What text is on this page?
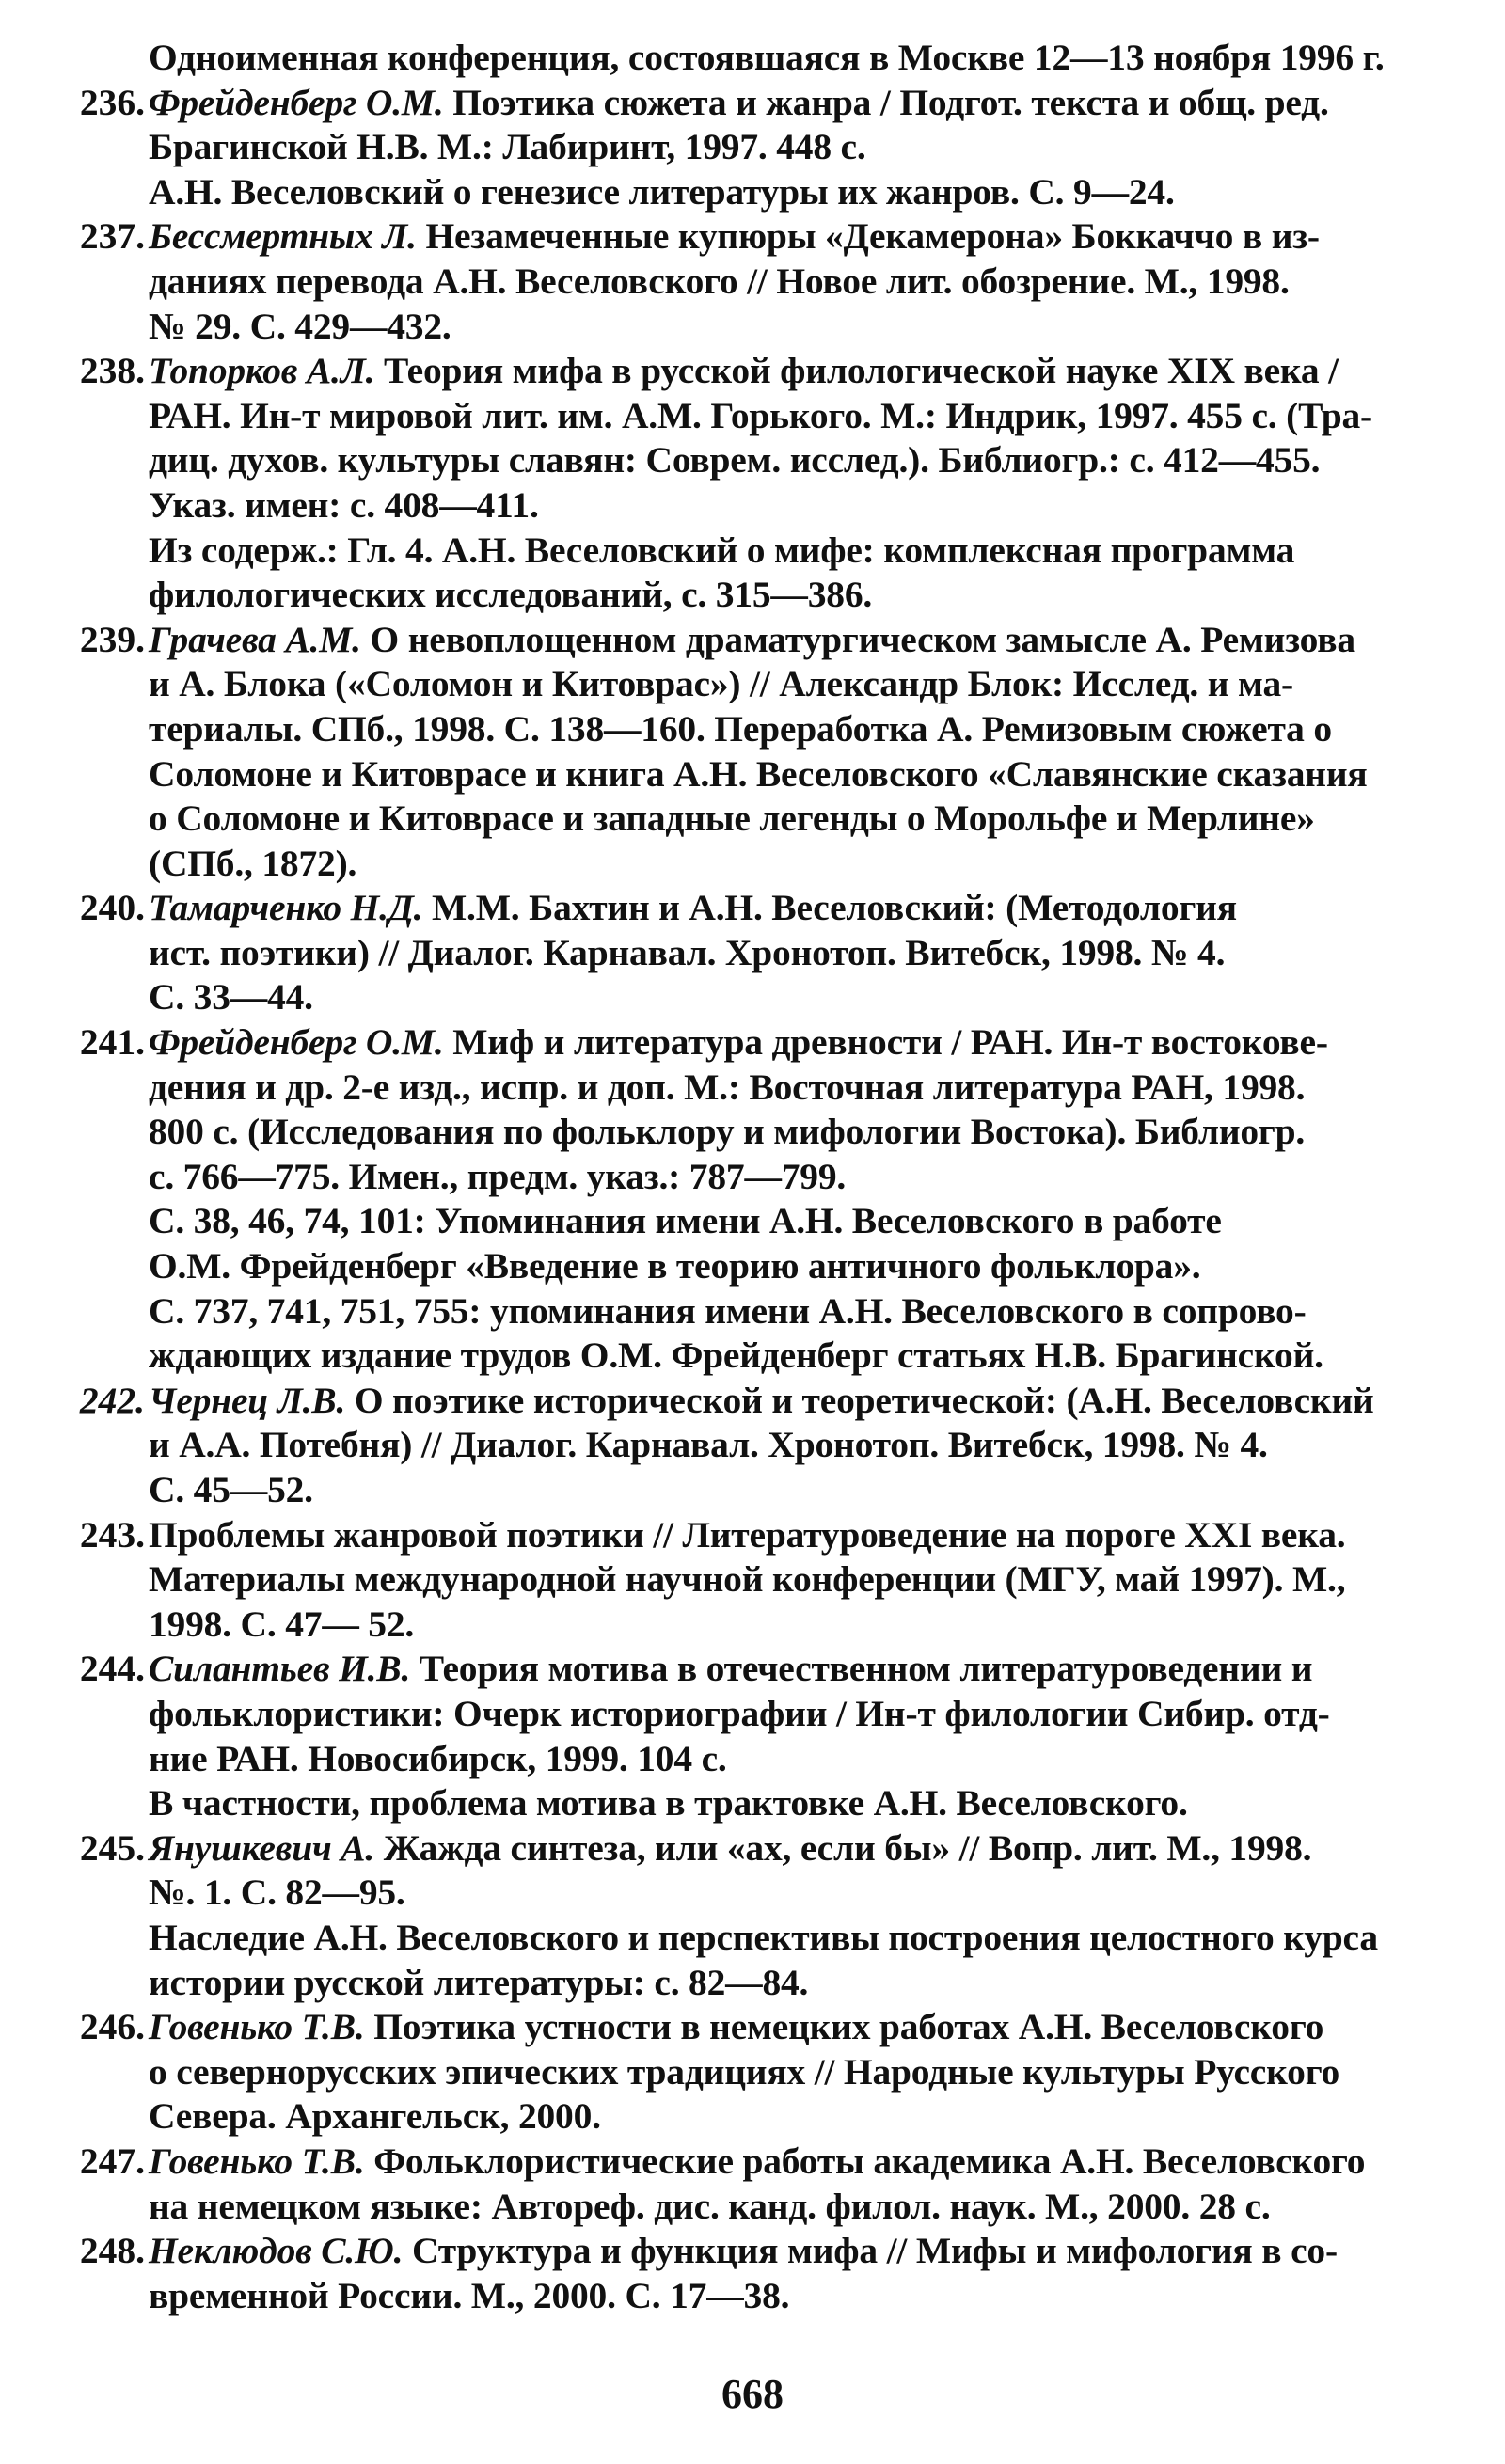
Одноименная конференция, состоявшаяся в Москве 12—13 ноября 1996 г.
236. Фрейденберг О.М. Поэтика сюжета и жанра / Подгот. текста и общ. ред.
Брагинской Н.В. М.: Лабиринт, 1997. 448 с.
А.Н. Веселовский о генезисе литературы их жанров. С. 9—24.
237. Бессмертных Л. Незамеченные купюры «Декамерона» Боккаччо в из-
даниях перевода А.Н. Веселовского // Новое лит. обозрение. М., 1998.
№ 29. С. 429—432.
238. Топорков А.Л. Теория мифа в русской филологической науке XIX века /
РАН. Ин-т мировой лит. им. А.М. Горького. М.: Индрик, 1997. 455 с. (Тра-
диц. духов. культуры славян: Соврем. исслед.). Библиогр.: с. 412—455.
Указ. имен: с. 408—411.
Из содерж.: Гл. 4. А.Н. Веселовский о мифе: комплексная программа
филологических исследований, с. 315—386.
239. Грачева А.М. О невоплощенном драматургическом замысле А. Ремизова
и А. Блока («Соломон и Китоврас») // Александр Блок: Исслед. и ма-
териалы. СПб., 1998. С. 138—160. Переработка А. Ремизовым сюжета о
Соломоне и Китоврасе и книга А.Н. Веселовского «Славянские сказания
о Соломоне и Китоврасе и западные легенды о Морольфе и Мерлине»
(СПб., 1872).
240. Тамарченко Н.Д. М.М. Бахтин и А.Н. Веселовский: (Методология
ист. поэтики) // Диалог. Карнавал. Хронотоп. Витебск, 1998. № 4.
С. 33—44.
241. Фрейденберг О.М. Миф и литература древности / РАН. Ин-т востокове-
дения и др. 2-е изд., испр. и доп. М.: Восточная литература РАН, 1998.
800 с. (Исследования по фольклору и мифологии Востока). Библиогр.
с. 766—775. Имен., предм. указ.: 787—799.
С. 38, 46, 74, 101: Упоминания имени А.Н. Веселовского в работе
О.М. Фрейденберг «Введение в теорию античного фольклора».
С. 737, 741, 751, 755: упоминания имени А.Н. Веселовского в сопрово-
ждающих издание трудов О.М. Фрейденберг статьях Н.В. Брагинской.
242. Чернец Л.В. О поэтике исторической и теоретической: (А.Н. Веселовский
и А.А. Потебня) // Диалог. Карнавал. Хронотоп. Витебск, 1998. № 4.
С. 45—52.
243. Проблемы жанровой поэтики // Литературоведение на пороге XXI века.
Материалы международной научной конференции (МГУ, май 1997). М.,
1998. С. 47— 52.
244. Силантьев И.В. Теория мотива в отечественном литературоведении и
фольклористики: Очерк историографии / Ин-т филологии Сибир. отд-
ние РАН. Новосибирск, 1999. 104 с.
В частности, проблема мотива в трактовке А.Н. Веселовского.
245. Янушкевич А. Жажда синтеза, или «ах, если бы» // Вопр. лит. М., 1998.
№. 1. С. 82—95.
Наследие А.Н. Веселовского и перспективы построения целостного курса
истории русской литературы: с. 82—84.
246. Говенько Т.В. Поэтика устности в немецких работах А.Н. Веселовского
о севернорусских эпических традициях // Народные культуры Русского
Севера. Архангельск, 2000.
247. Говенько Т.В. Фольклористические работы академика А.Н. Веселовского
на немецком языке: Автореф. дис. канд. филол. наук. М., 2000. 28 с.
248. Неклюдов С.Ю. Структура и функция мифа // Мифы и мифология в со-
временной России. М., 2000. С. 17—38.
668
